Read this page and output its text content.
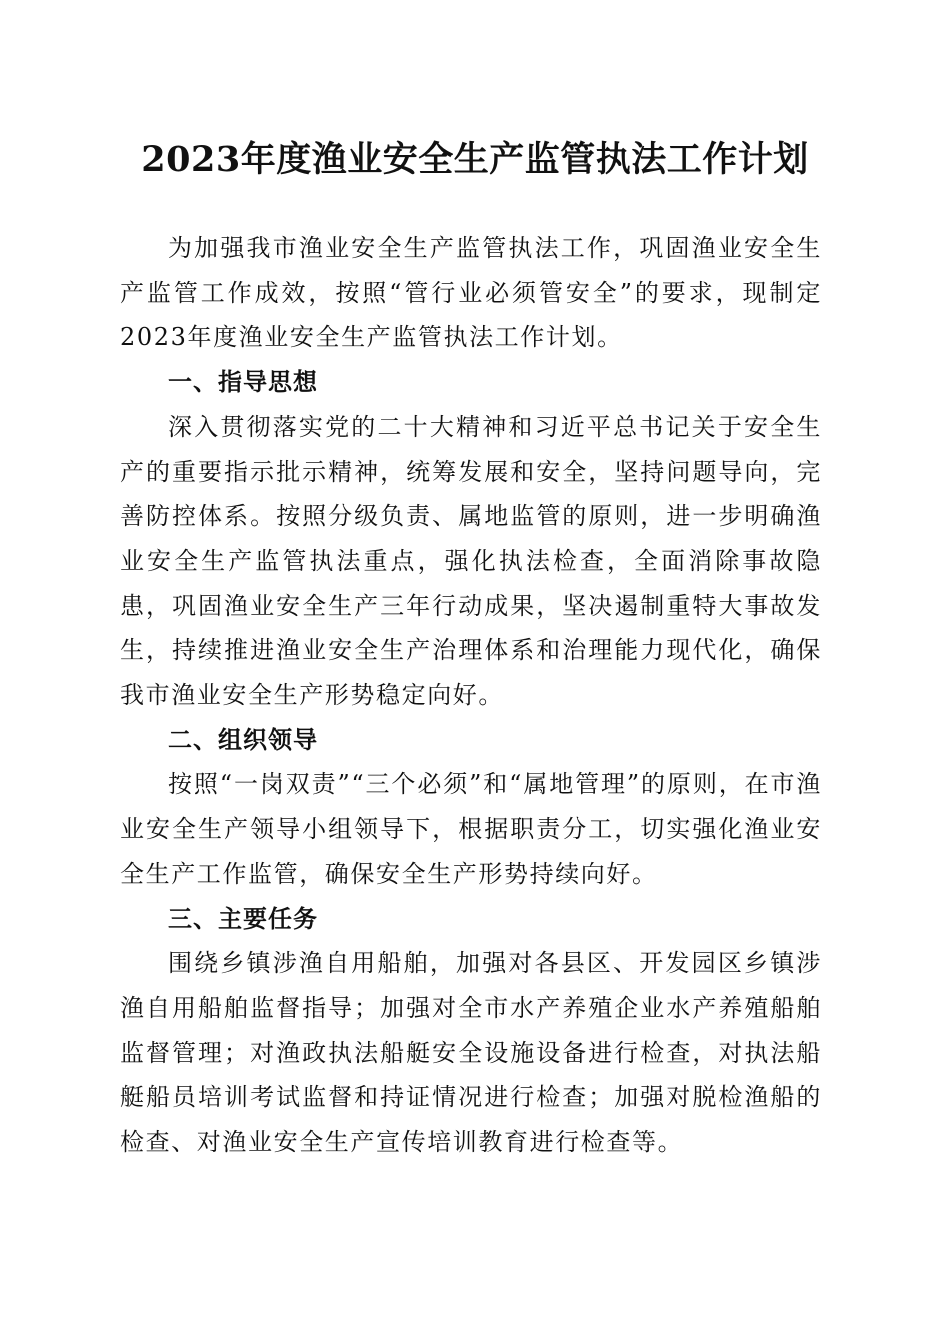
2023年度渔业安全生产监管执法工作计划

为加强我市渔业安全生产监管执法工作，巩固渔业安全生产监管工作成效，按照“管行业必须管安全”的要求，现制定2023年度渔业安全生产监管执法工作计划。

一、指导思想

深入贯彻落实党的二十大精神和习近平总书记关于安全生产的重要指示批示精神，统筹发展和安全，坚持问题导向，完善防控体系。按照分级负责、属地监管的原则，进一步明确渔业安全生产监管执法重点，强化执法检查，全面消除事故隐患，巩固渔业安全生产三年行动成果，坚决遏制重特大事故发生，持续推进渔业安全生产治理体系和治理能力现代化，确保我市渔业安全生产形势稳定向好。

二、组织领导

按照“一岗双责”“三个必须”和“属地管理”的原则，在市渔业安全生产领导小组领导下，根据职责分工，切实强化渔业安全生产工作监管，确保安全生产形势持续向好。

三、主要任务

围绕乡镇涉渔自用船舶，加强对各县区、开发园区乡镇涉渔自用船舶监督指导；加强对全市水产养殖企业水产养殖船舶监督管理；对渔政执法船艇安全设施设备进行检查，对执法船艇船员培训考试监督和持证情况进行检查；加强对脱检渔船的检查、对渔业安全生产宣传培训教育进行检查等。
